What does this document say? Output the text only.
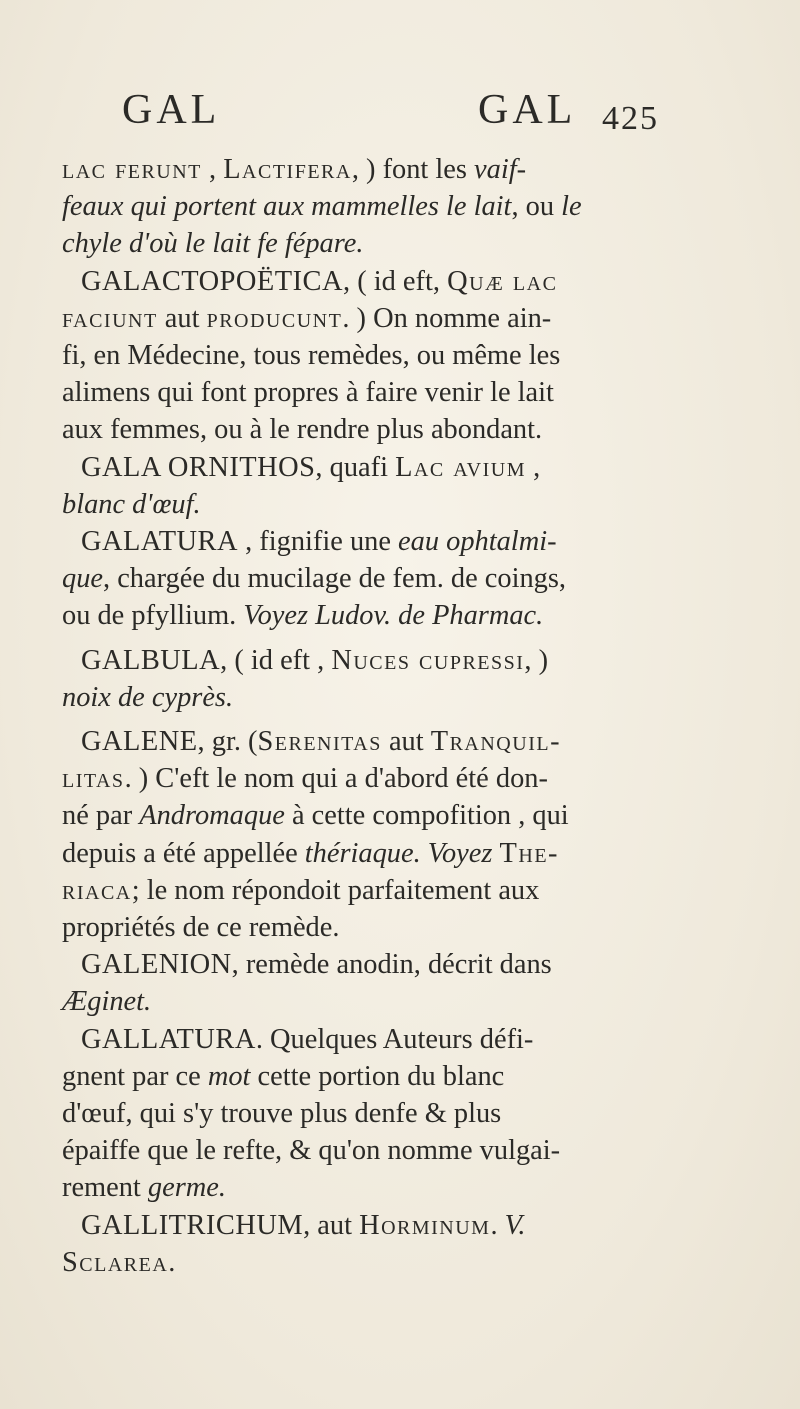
GAL	GAL 425
lac ferunt , Lactifera, ) font les vaif-
feaux qui portent aux mammelles le lait, ou le
chyle d'où le lait fe fépare.
GALACTOPOËTICA, ( id eft, Quæ lac
faciunt aut producunt. ) On nomme ain-
fi, en Médecine, tous remèdes, ou même les
alimens qui font propres à faire venir le lait
aux femmes, ou à le rendre plus abondant.
GALA ORNITHOS, quafi Lac avium ,
blanc d'œuf.
GALATURA , fignifie une eau ophtalmi-
que, chargée du mucilage de fem. de coings,
ou de pfyllium. Voyez Ludov. de Pharmac.
GALBULA, ( id eft , Nuces cupressi, )
noix de cyprès.
GALENE, gr. (Serenitas aut Tranquil-
litas. ) C'eft le nom qui a d'abord été don-
né par Andromaque à cette compofition , qui
depuis a été appellée thériaque. Voyez The-
riaca; le nom répondoit parfaitement aux
propriétés de ce remède.
GALENION, remède anodin, décrit dans
Æginet.
GALLATURA. Quelques Auteurs défi-
gnent par ce mot cette portion du blanc
d'œuf, qui s'y trouve plus denfe & plus
épaiffe que le refte, & qu'on nomme vulgai-
rement germe.
GALLITRICHUM, aut Horminum. V.
Sclarea.
